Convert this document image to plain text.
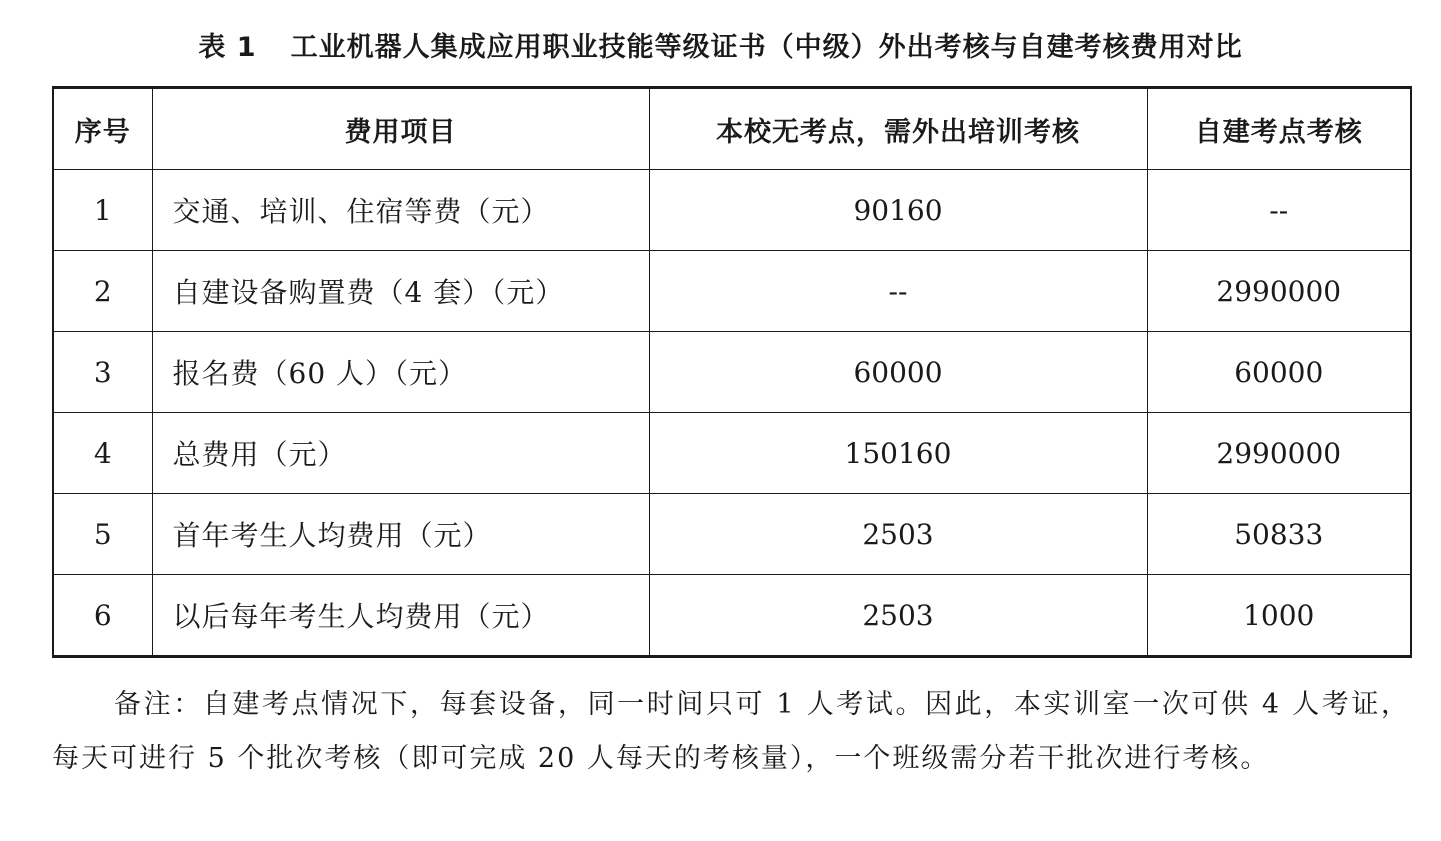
表 1 工业机器人集成应用职业技能等级证书（中级）外出考核与自建考核费用对比
序号	费用项目	本校无考点，需外出培训考核	自建考点考核
1	交通、培训、住宿等费（元）	90160	--
2	自建设备购置费（4 套）（元）	--	2990000
3	报名费（60 人）（元）	60000	60000
4	总费用（元）	150160	2990000
5	首年考生人均费用（元）	2503	50833
6	以后每年考生人均费用（元）	2503	1000

备注：自建考点情况下，每套设备，同一时间只可 1 人考试。因此，本实训室一次可供 4 人考证，每天可进行 5 个批次考核（即可完成 20 人每天的考核量），一个班级需分若干批次进行考核。
